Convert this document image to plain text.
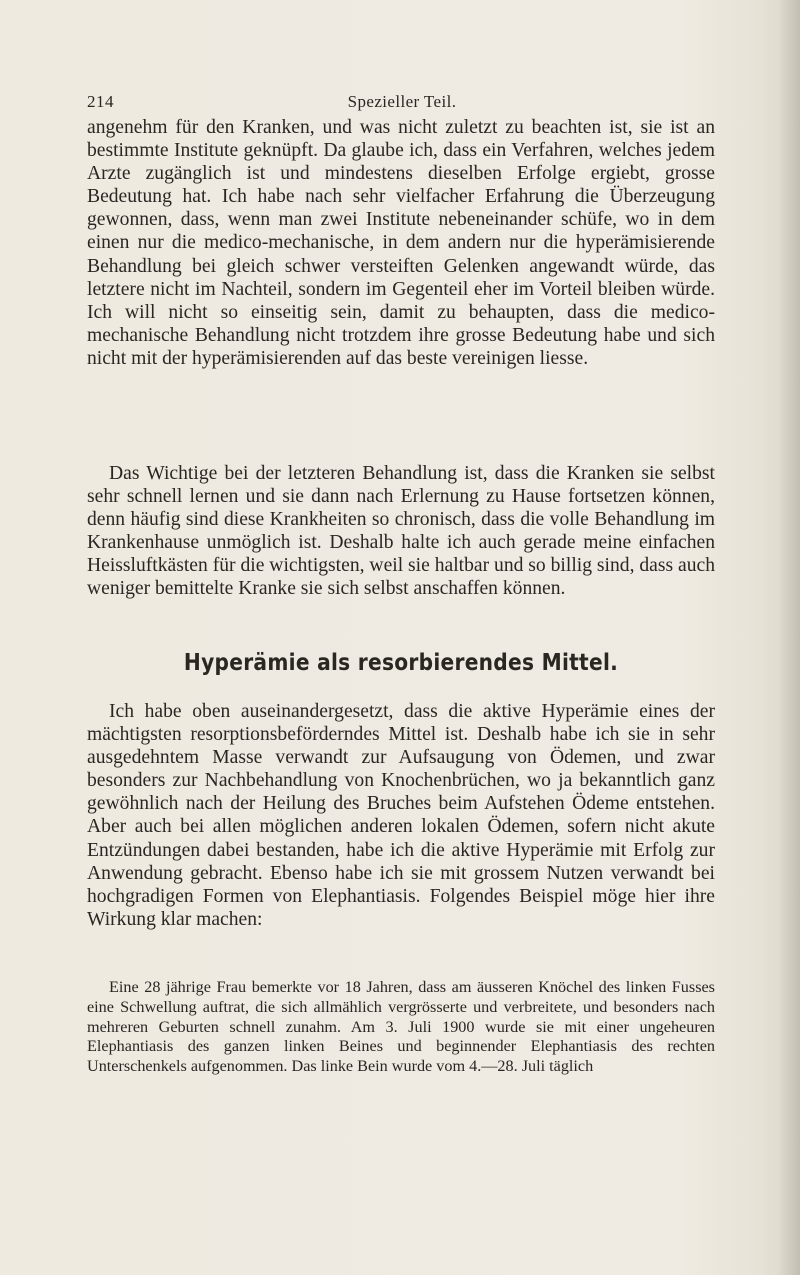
214	Spezieller Teil.

angenehm für den Kranken, und was nicht zuletzt zu beachten ist, sie ist an bestimmte Institute geknüpft. Da glaube ich, dass ein Verfahren, welches jedem Arzte zugänglich ist und mindestens dieselben Erfolge ergiebt, grosse Bedeutung hat. Ich habe nach sehr vielfacher Erfahrung die Überzeugung gewonnen, dass, wenn man zwei Institute nebeneinander schüfe, wo in dem einen nur die medico-mechanische, in dem andern nur die hyperämisierende Behandlung bei gleich schwer versteiften Gelenken angewandt würde, das letztere nicht im Nachteil, sondern im Gegenteil eher im Vorteil bleiben würde. Ich will nicht so einseitig sein, damit zu behaupten, dass die medico-mechanische Behandlung nicht trotzdem ihre grosse Bedeutung habe und sich nicht mit der hyperämisierenden auf das beste vereinigen liesse.

Das Wichtige bei der letzteren Behandlung ist, dass die Kranken sie selbst sehr schnell lernen und sie dann nach Erlernung zu Hause fortsetzen können, denn häufig sind diese Krankheiten so chronisch, dass die volle Behandlung im Krankenhause unmöglich ist. Deshalb halte ich auch gerade meine einfachen Heissluftkästen für die wichtigsten, weil sie haltbar und so billig sind, dass auch weniger bemittelte Kranke sie sich selbst anschaffen können.

Hyperämie als resorbierendes Mittel.

Ich habe oben auseinandergesetzt, dass die aktive Hyperämie eines der mächtigsten resorptionsbeförderndes Mittel ist. Deshalb habe ich sie in sehr ausgedehntem Masse verwandt zur Aufsaugung von Ödemen, und zwar besonders zur Nachbehandlung von Knochenbrüchen, wo ja bekanntlich ganz gewöhnlich nach der Heilung des Bruches beim Aufstehen Ödeme entstehen. Aber auch bei allen möglichen anderen lokalen Ödemen, sofern nicht akute Entzündungen dabei bestanden, habe ich die aktive Hyperämie mit Erfolg zur Anwendung gebracht. Ebenso habe ich sie mit grossem Nutzen verwandt bei hochgradigen Formen von Elephantiasis. Folgendes Beispiel möge hier ihre Wirkung klar machen:

Eine 28 jährige Frau bemerkte vor 18 Jahren, dass am äusseren Knöchel des linken Fusses eine Schwellung auftrat, die sich allmählich vergrösserte und verbreitete, und besonders nach mehreren Geburten schnell zunahm. Am 3. Juli 1900 wurde sie mit einer ungeheuren Elephantiasis des ganzen linken Beines und beginnender Elephantiasis des rechten Unterschenkels aufgenommen. Das linke Bein wurde vom 4.—28. Juli täglich
